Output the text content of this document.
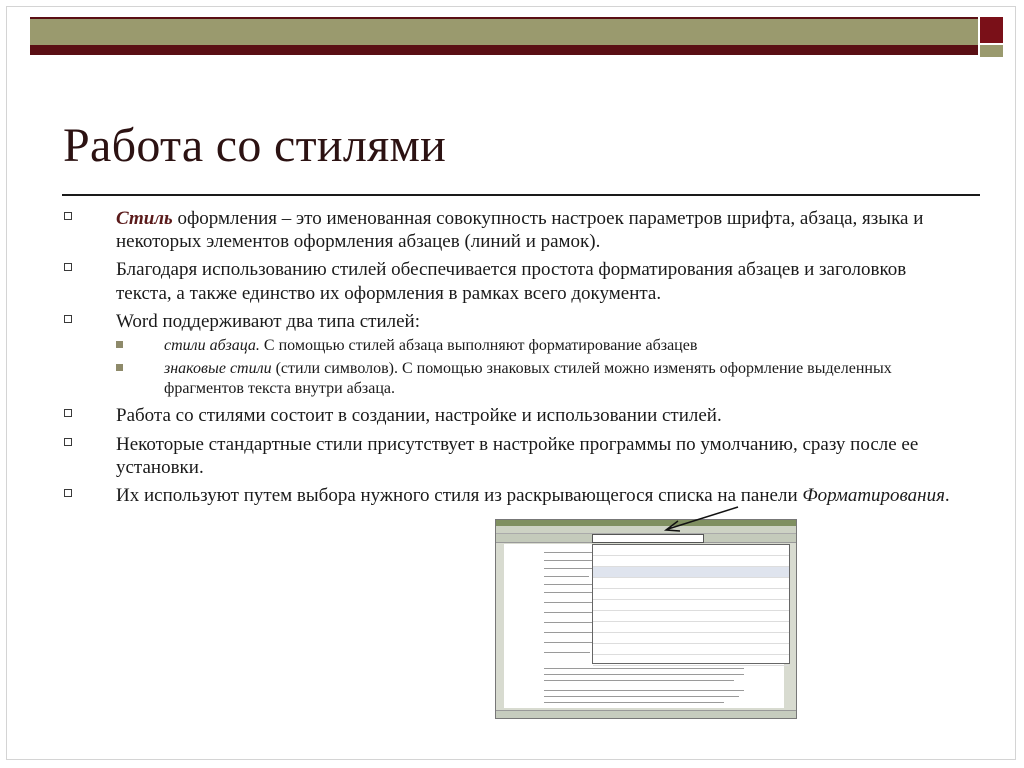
Работа со стилями
Стиль оформления – это именованная совокупность настроек параметров шрифта, абзаца, языка и некоторых элементов оформления абзацев (линий и рамок).
Благодаря использованию стилей обеспечивается простота форматирования абзацев и заголовков текста, а также единство их оформления в рамках всего документа.
Word поддерживают два типа стилей:
стили абзаца. С помощью стилей абзаца выполняют форматирование абзацев
знаковые стили (стили символов). С помощью знаковых стилей можно изменять оформление выделенных фрагментов текста внутри абзаца.
Работа со стилями состоит в создании, настройке и использовании стилей.
Некоторые стандартные стили присутствует в настройке программы по умолчанию, сразу после ее установки.
Их используют путем выбора нужного стиля из раскрывающегося списка на панели Форматирования.
